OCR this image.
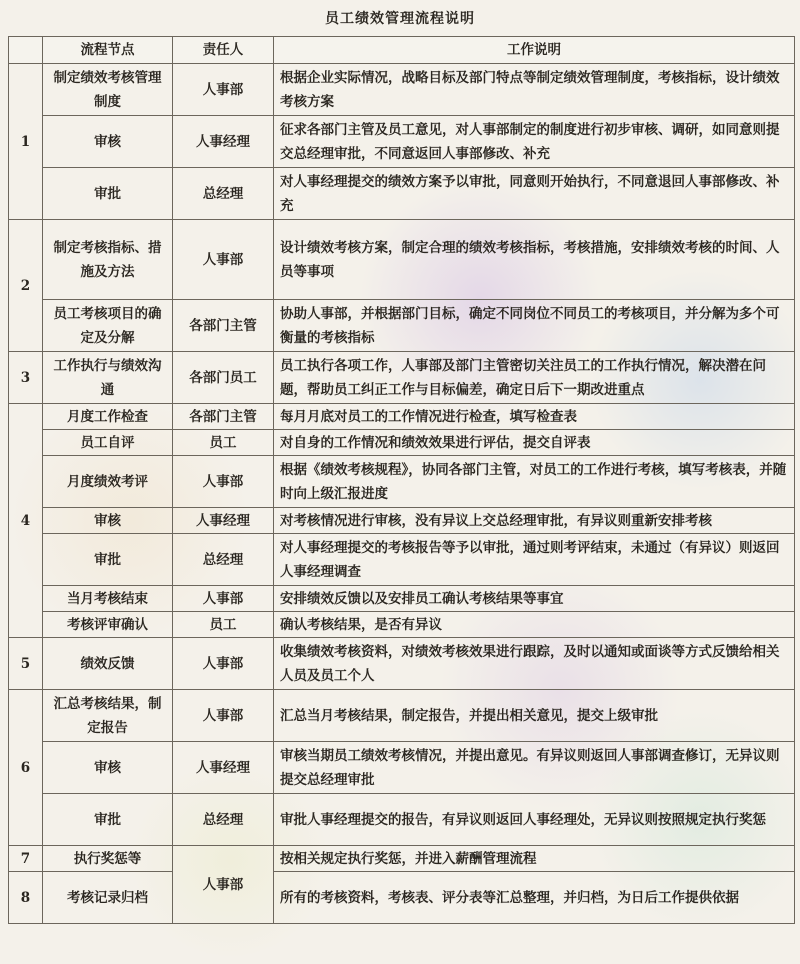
员工绩效管理流程说明
	流程节点	责任人	工作说明
1	制定绩效考核管理制度	人事部	根据企业实际情况，战略目标及部门特点等制定绩效管理制度，考核指标，设计绩效考核方案
	审核	人事经理	征求各部门主管及员工意见，对人事部制定的制度进行初步审核、调研，如同意则提交总经理审批，不同意返回人事部修改、补充
	审批	总经理	对人事经理提交的绩效方案予以审批，同意则开始执行，不同意退回人事部修改、补充
2	制定考核指标、措施及方法	人事部	设计绩效考核方案，制定合理的绩效考核指标，考核措施，安排绩效考核的时间、人员等事项
	员工考核项目的确定及分解	各部门主管	协助人事部，并根据部门目标，确定不同岗位不同员工的考核项目，并分解为多个可衡量的考核指标
3	工作执行与绩效沟通	各部门员工	员工执行各项工作，人事部及部门主管密切关注员工的工作执行情况，解决潜在问题，帮助员工纠正工作与目标偏差，确定日后下一期改进重点
4	月度工作检查	各部门主管	每月月底对员工的工作情况进行检查，填写检查表
	员工自评	员工	对自身的工作情况和绩效效果进行评估，提交自评表
	月度绩效考评	人事部	根据《绩效考核规程》，协同各部门主管，对员工的工作进行考核，填写考核表，并随时向上级汇报进度
	审核	人事经理	对考核情况进行审核，没有异议上交总经理审批，有异议则重新安排考核
	审批	总经理	对人事经理提交的考核报告等予以审批，通过则考评结束，未通过（有异议）则返回人事经理调查
	当月考核结束	人事部	安排绩效反馈以及安排员工确认考核结果等事宜
	考核评审确认	员工	确认考核结果，是否有异议
5	绩效反馈	人事部	收集绩效考核资料，对绩效考核效果进行跟踪，及时以通知或面谈等方式反馈给相关人员及员工个人
6	汇总考核结果，制定报告	人事部	汇总当月考核结果，制定报告，并提出相关意见，提交上级审批
	审核	人事经理	审核当期员工绩效考核情况，并提出意见。有异议则返回人事部调查修订，无异议则提交总经理审批
	审批	总经理	审批人事经理提交的报告，有异议则返回人事经理处，无异议则按照规定执行奖惩
7	执行奖惩等	人事部	按相关规定执行奖惩，并进入薪酬管理流程
8	考核记录归档		所有的考核资料，考核表、评分表等汇总整理，并归档，为日后工作提供依据
